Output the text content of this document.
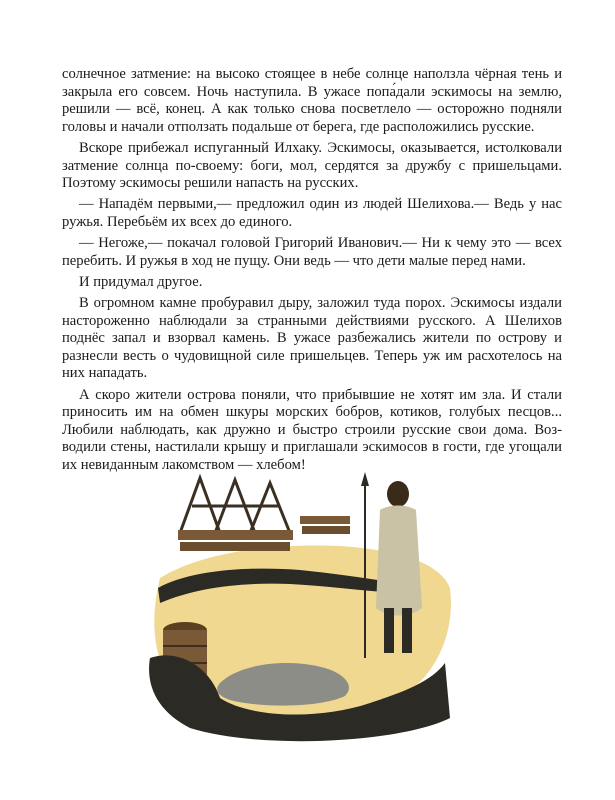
солнечное затмение: на высоко стоящее в небе солнце наползла чёрная тень и закрыла его совсем. Ночь наступила. В ужасе попа́дали эскимосы на землю, решили — всё, конец. А как только снова посветлело — осторожно подняли головы и начали отползать подальше от берега, где расположились русские.

Вскоре прибежал испуганный Илхаку. Эскимосы, оказывается, истолковали затмение солнца по-своему: боги, мол, сердятся за дружбу с пришельцами. Поэтому эскимосы решили напасть на русских.

— Нападём первыми,— предложил один из людей Шелихова.— Ведь у нас ружья. Перебьём их всех до единого.

— Негоже,— покачал головой Григорий Иванович.— Ни к чему это — всех перебить. И ружья в ход не пущу. Они ведь — что дети малые перед нами.

И придумал другое.

В огромном камне пробуравил дыру, заложил туда порох. Эскимосы издали настороженно наблюдали за странными действиями русского. А Шелихов поднёс запал и взорвал камень. В ужасе разбежались жители по острову и разнесли весть о чудовищной силе пришельцев. Теперь уж им расхотелось на них нападать.

А скоро жители острова поняли, что прибывшие не хотят им зла. И стали приносить им на обмен шкуры морских бобров, котиков, голубых песцов... Любили наблюдать, как дружно и быстро строили русские свои дома. Возводили стены, настилали крышу и приглашали эскимосов в гости, где угощали их невиданным лакомством — хлебом!
